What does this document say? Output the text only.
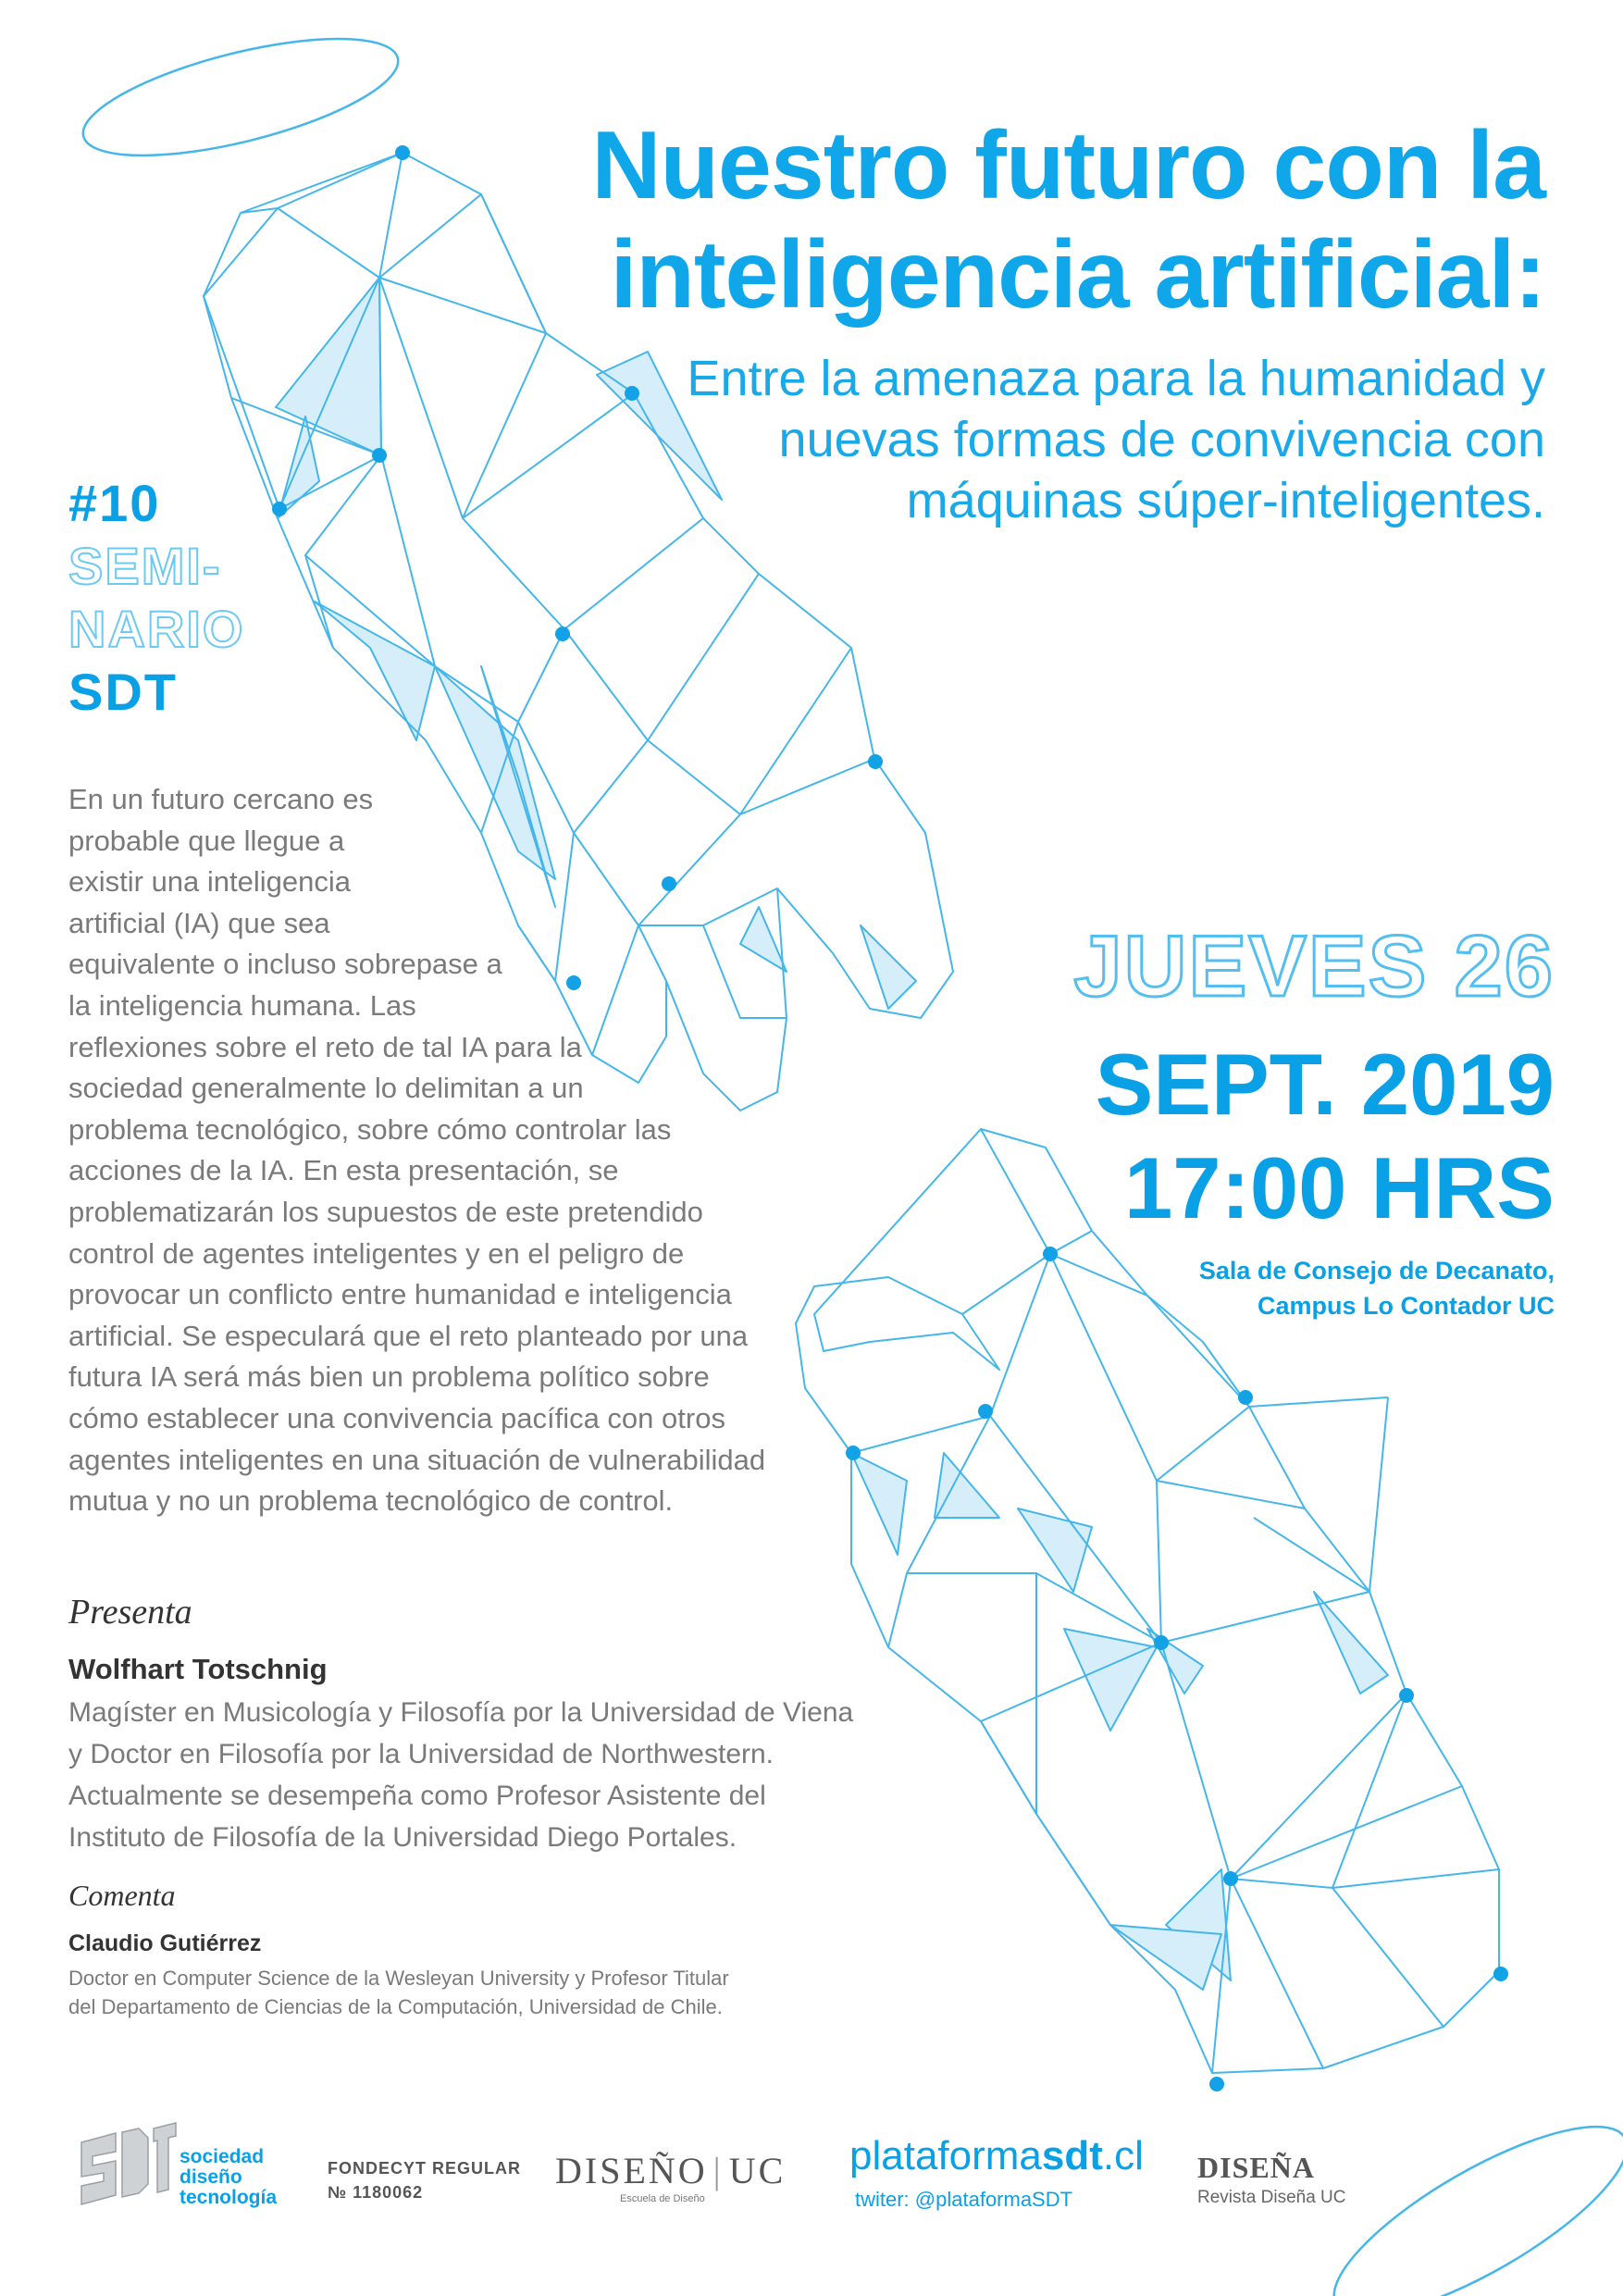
Nuestro futuro con la
inteligencia artificial:
Entre la amenaza para la humanidad y
nuevas formas de convivencia con
máquinas súper-inteligentes.
#10
SEMI-
NARIO
SDT
En un futuro cercano es
probable que llegue a
existir una inteligencia
artificial (IA) que sea
equivalente o incluso sobrepase a
la inteligencia humana. Las
reflexiones sobre el reto de tal IA para la
sociedad generalmente lo delimitan a un
problema tecnológico, sobre cómo controlar las
acciones de la IA. En esta presentación, se
problematizarán los supuestos de este pretendido
control de agentes inteligentes y en el peligro de
provocar un conflicto entre humanidad e inteligencia
artificial. Se especulará que el reto planteado por una
futura IA será más bien un problema político sobre
cómo establecer una convivencia pacífica con otros
agentes inteligentes en una situación de vulnerabilidad
mutua y no un problema tecnológico de control.
JUEVES 26
SEPT. 2019
17:00 HRS
Sala de Consejo de Decanato,
Campus Lo Contador UC
Presenta
Wolfhart Totschnig
Magíster en Musicología y Filosofía por la Universidad de Viena
y Doctor en Filosofía por la Universidad de Northwestern.
Actualmente se desempeña como Profesor Asistente del
Instituto de Filosofía de la Universidad Diego Portales.
Comenta
Claudio Gutiérrez
Doctor en Computer Science de la Wesleyan University y Profesor Titular
del Departamento de Ciencias de la Computación, Universidad de Chile.
sociedad
diseño
tecnología
FONDECYT REGULAR
№ 1180062
DISEÑO | UC
Escuela de Diseño
plataformasdt.cl
twiter: @plataformaSDT
DISEÑA
Revista Diseña UC
